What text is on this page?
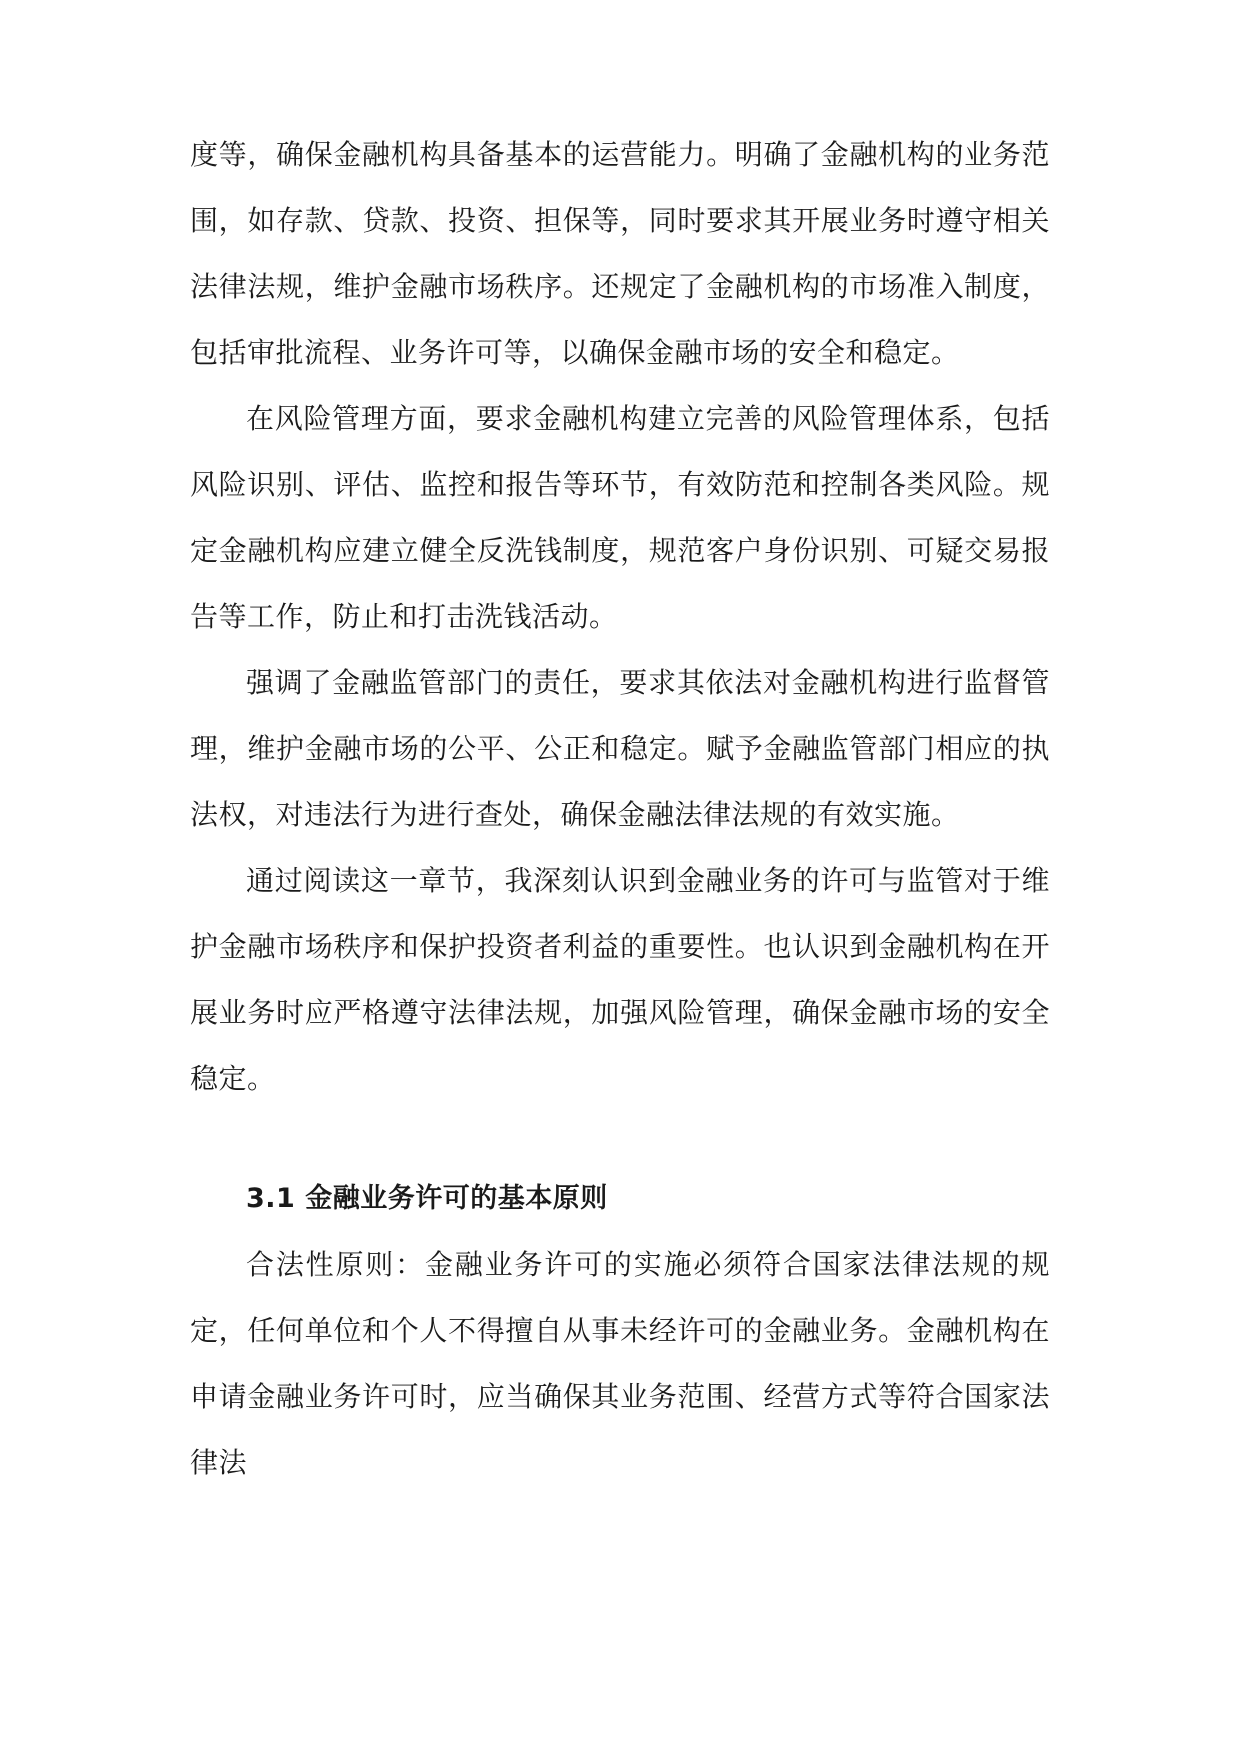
度等，确保金融机构具备基本的运营能力。明确了金融机构的业务范围，如存款、贷款、投资、担保等，同时要求其开展业务时遵守相关法律法规，维护金融市场秩序。还规定了金融机构的市场准入制度，包括审批流程、业务许可等，以确保金融市场的安全和稳定。

在风险管理方面，要求金融机构建立完善的风险管理体系，包括风险识别、评估、监控和报告等环节，有效防范和控制各类风险。规定金融机构应建立健全反洗钱制度，规范客户身份识别、可疑交易报告等工作，防止和打击洗钱活动。

强调了金融监管部门的责任，要求其依法对金融机构进行监督管理，维护金融市场的公平、公正和稳定。赋予金融监管部门相应的执法权，对违法行为进行查处，确保金融法律法规的有效实施。

通过阅读这一章节，我深刻认识到金融业务的许可与监管对于维护金融市场秩序和保护投资者利益的重要性。也认识到金融机构在开展业务时应严格遵守法律法规，加强风险管理，确保金融市场的安全稳定。

3.1 金融业务许可的基本原则

合法性原则：金融业务许可的实施必须符合国家法律法规的规定，任何单位和个人不得擅自从事未经许可的金融业务。金融机构在申请金融业务许可时，应当确保其业务范围、经营方式等符合国家法律法
